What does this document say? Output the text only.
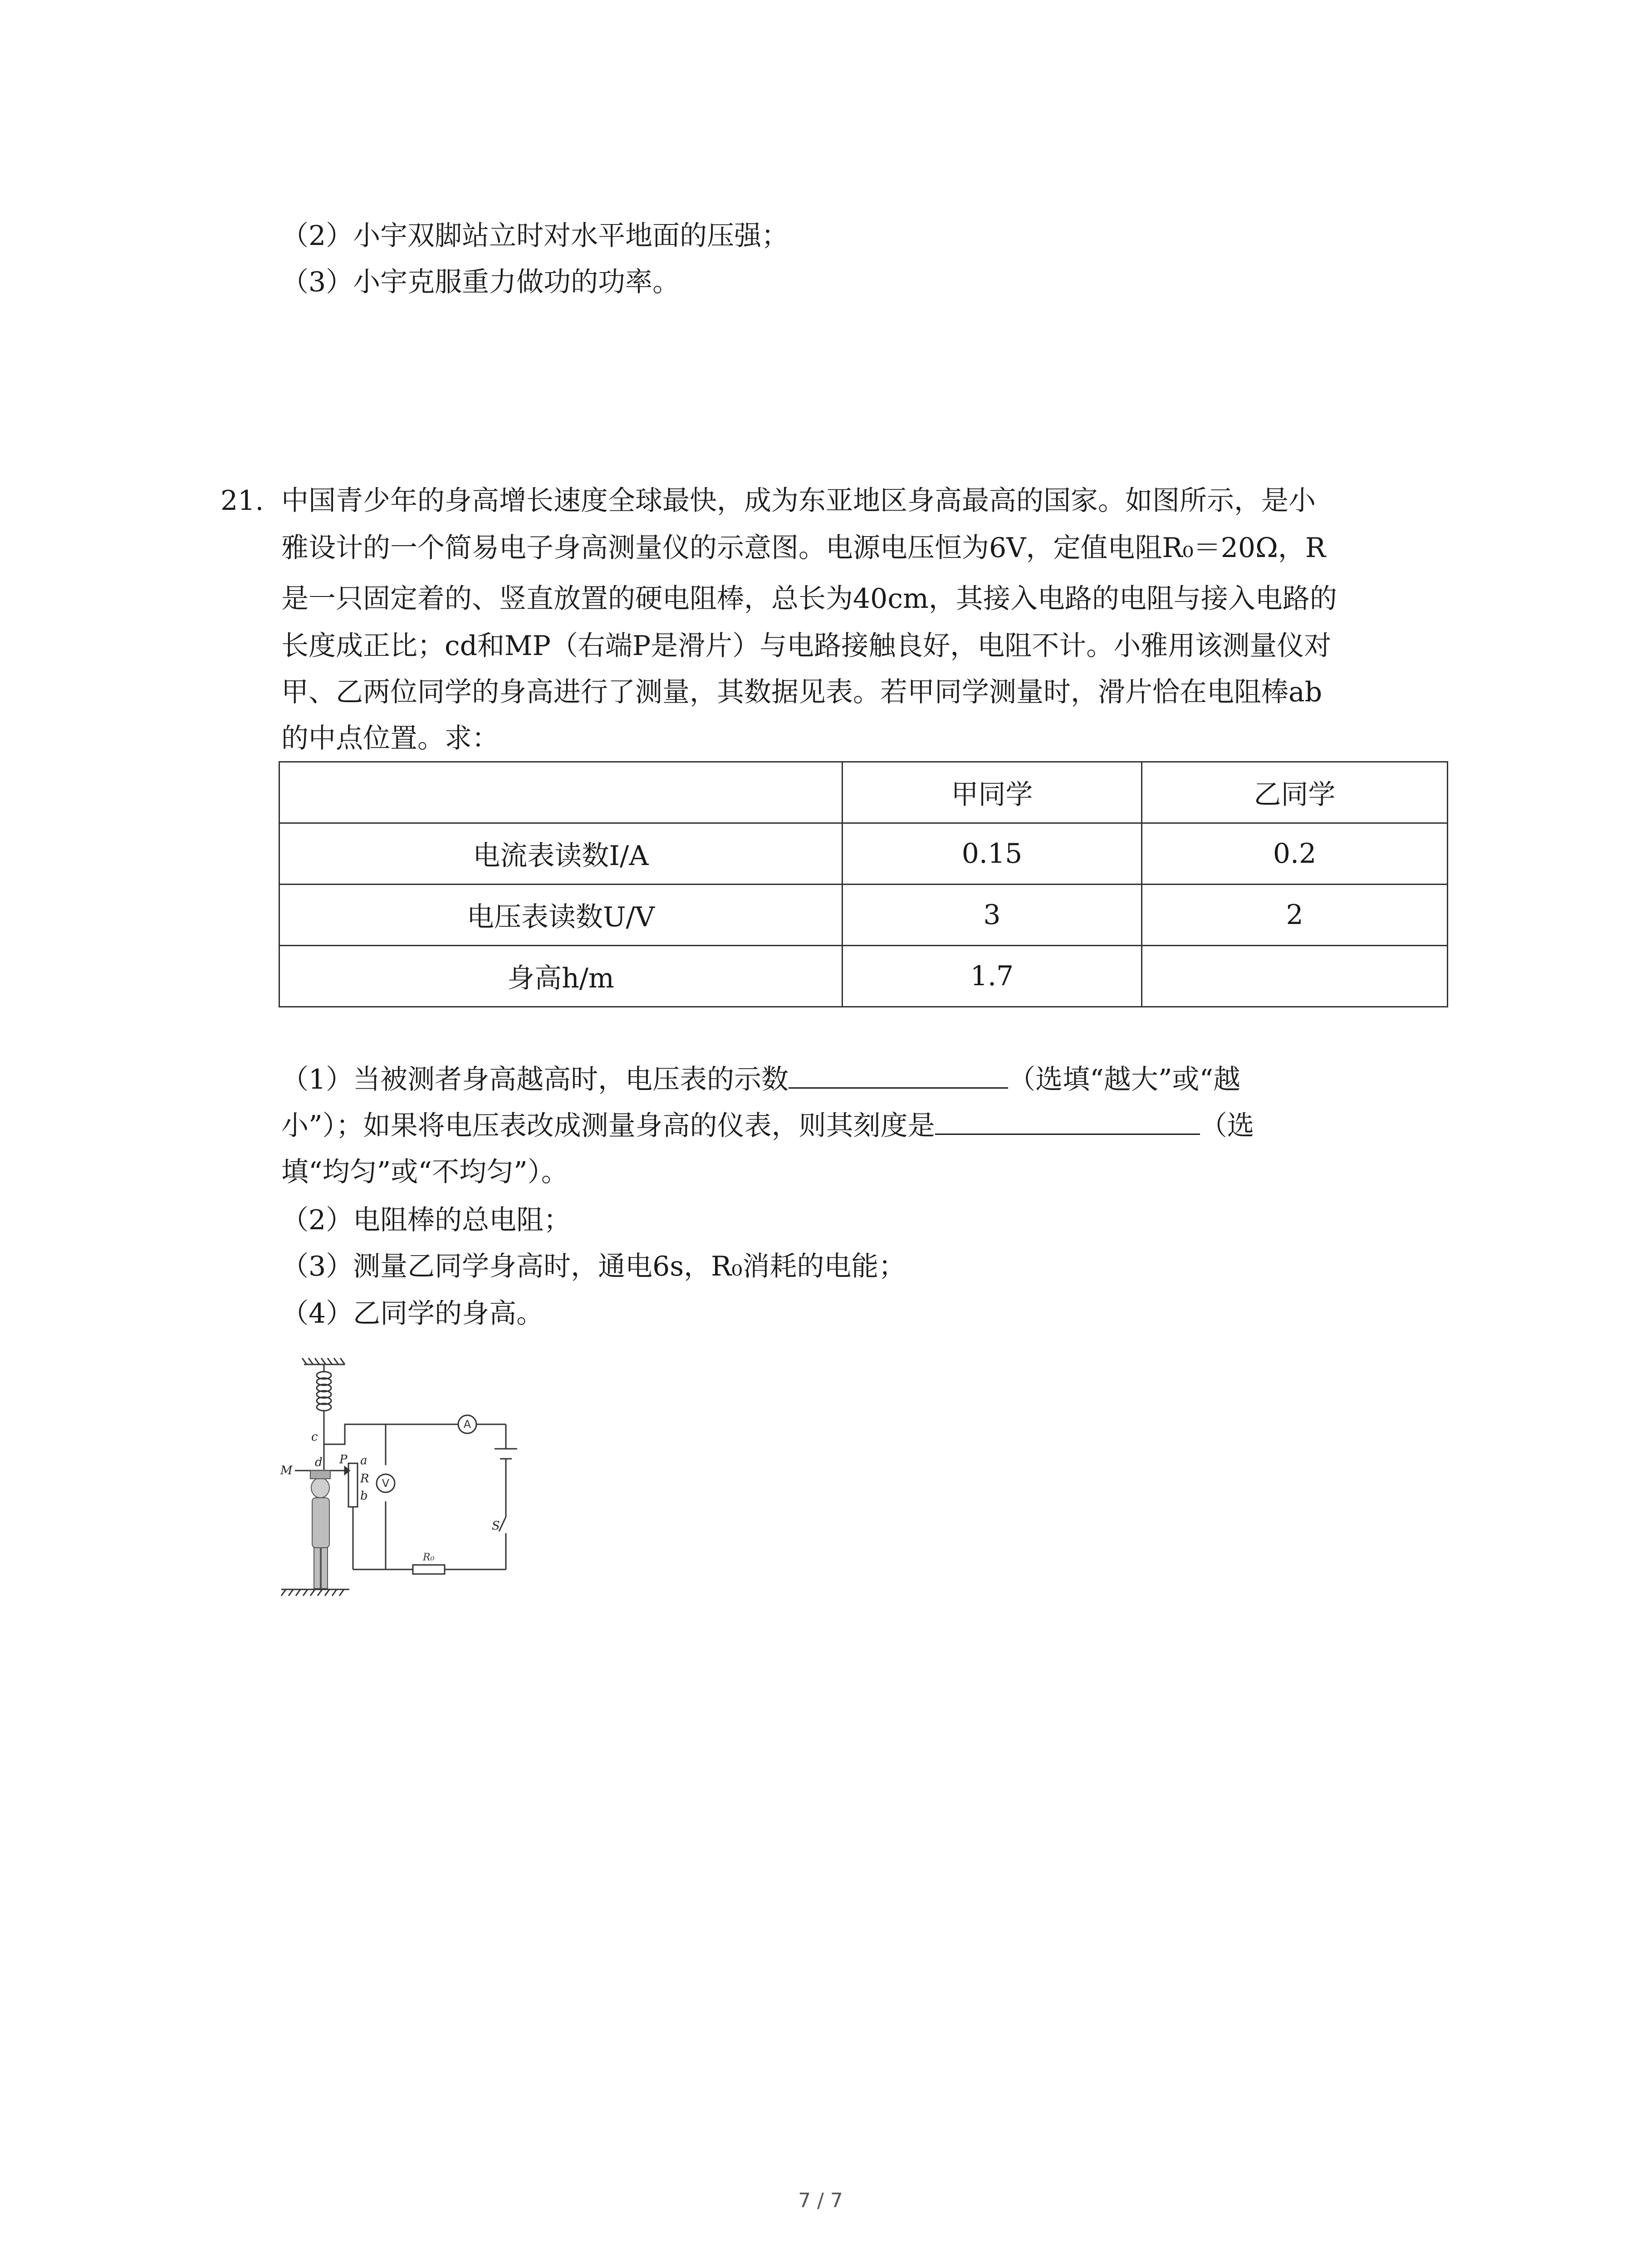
（2）小宇双脚站立时对水平地面的压强；
（3）小宇克服重力做功的功率。
21. 中国青少年的身高增长速度全球最快，成为东亚地区身高最高的国家。如图所示，是小
雅设计的一个简易电子身高测量仪的示意图。电源电压恒为6V，定值电阻R₀＝20Ω，R
是一只固定着的、竖直放置的硬电阻棒，总长为40cm，其接入电路的电阻与接入电路的
长度成正比；cd和MP（右端P是滑片）与电路接触良好，电阻不计。小雅用该测量仪对
甲、乙两位同学的身高进行了测量，其数据见表。若甲同学测量时，滑片恰在电阻棒ab
的中点位置。求：
	甲同学	乙同学
电流表读数I/A	0.15	0.2
电压表读数U/V	3	2
身高h/m	1.7	
（1）当被测者身高越高时，电压表的示数	（选填“越大”或“越
小”）；如果将电压表改成测量身高的仪表，则其刻度是	（选
填“均匀”或“不均匀”）。
（2）电阻棒的总电阻；
（3）测量乙同学身高时，通电6s，R₀消耗的电能；
（4）乙同学的身高。
A
V
R₀
c
d
M
P a
R
b
S
7 / 7
